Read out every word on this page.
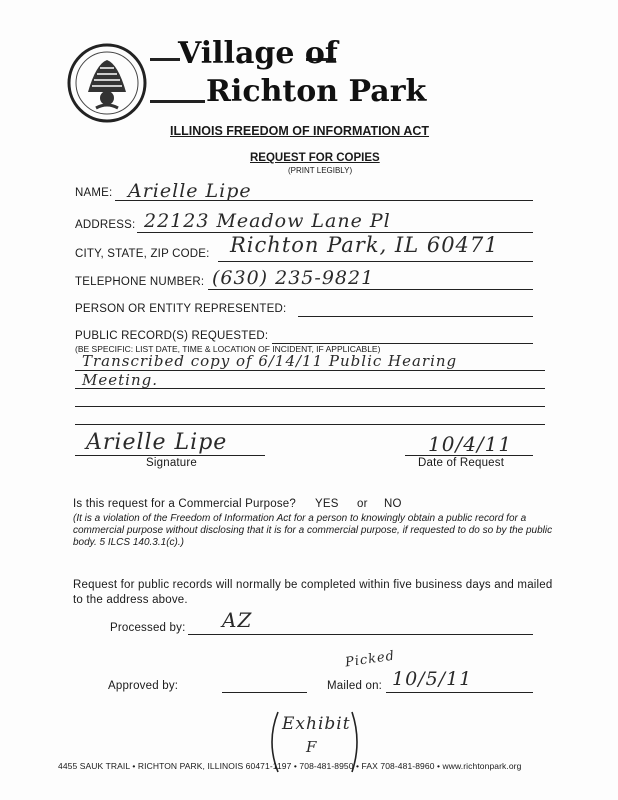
Village of
Richton Park
ILLINOIS FREEDOM OF INFORMATION ACT
REQUEST FOR COPIES
(PRINT LEGIBLY)
NAME: Arielle Lipe
ADDRESS: 22123 Meadow Lane Pl
CITY, STATE, ZIP CODE: Richton Park, IL 60471
TELEPHONE NUMBER: (630) 235-9821
PERSON OR ENTITY REPRESENTED:
PUBLIC RECORD(S) REQUESTED:
(BE SPECIFIC: LIST DATE, TIME & LOCATION OF INCIDENT, IF APPLICABLE)
Transcribed copy of 6/14/11 Public Hearing
Meeting.
Arielle Lipe
Signature
10/4/11
Date of Request
Is this request for a Commercial Purpose? YES or NO
(It is a violation of the Freedom of Information Act for a person to knowingly obtain a public record for a commercial purpose without disclosing that it is for a commercial purpose, if requested to do so by the public body. 5 ILCS 140.3.1(c).)
Request for public records will normally be completed within five business days and mailed to the address above.
Processed by: AZ
Approved by:	Mailed on: 10/5/11
Picked
Exhibit
F
4455 SAUK TRAIL • RICHTON PARK, ILLINOIS 60471-1197 • 708-481-8950 • FAX 708-481-8960 • www.richtonpark.org
